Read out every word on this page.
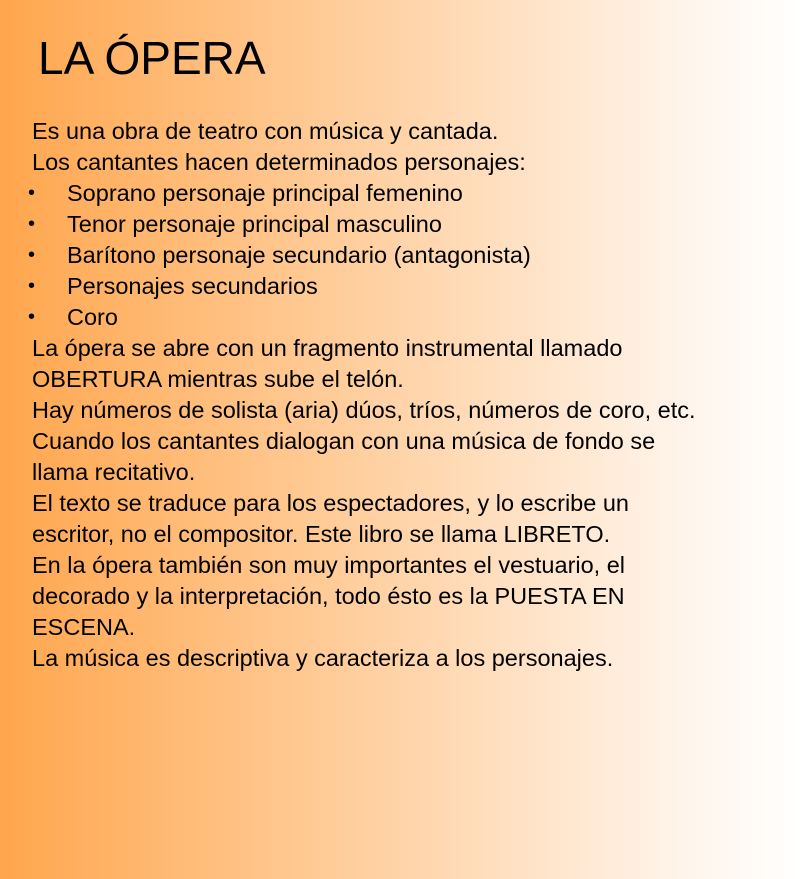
LA ÓPERA

Es una obra de teatro con música y cantada.

Los cantantes hacen determinados personajes:

• Soprano personaje principal femenino
• Tenor personaje principal masculino
• Barítono personaje secundario (antagonista)
• Personajes secundarios
• Coro

La ópera se abre con un fragmento instrumental llamado

OBERTURA mientras sube el telón.

Hay números de solista (aria) dúos, tríos, números de coro, etc.

Cuando los cantantes dialogan con una música de fondo se

llama recitativo.

El texto se traduce para los espectadores, y lo escribe un

escritor, no el compositor. Este libro se llama LIBRETO.

En la ópera también son muy importantes el vestuario, el

decorado y la interpretación, todo ésto es la PUESTA EN

ESCENA.

La música es descriptiva y caracteriza a los personajes.
